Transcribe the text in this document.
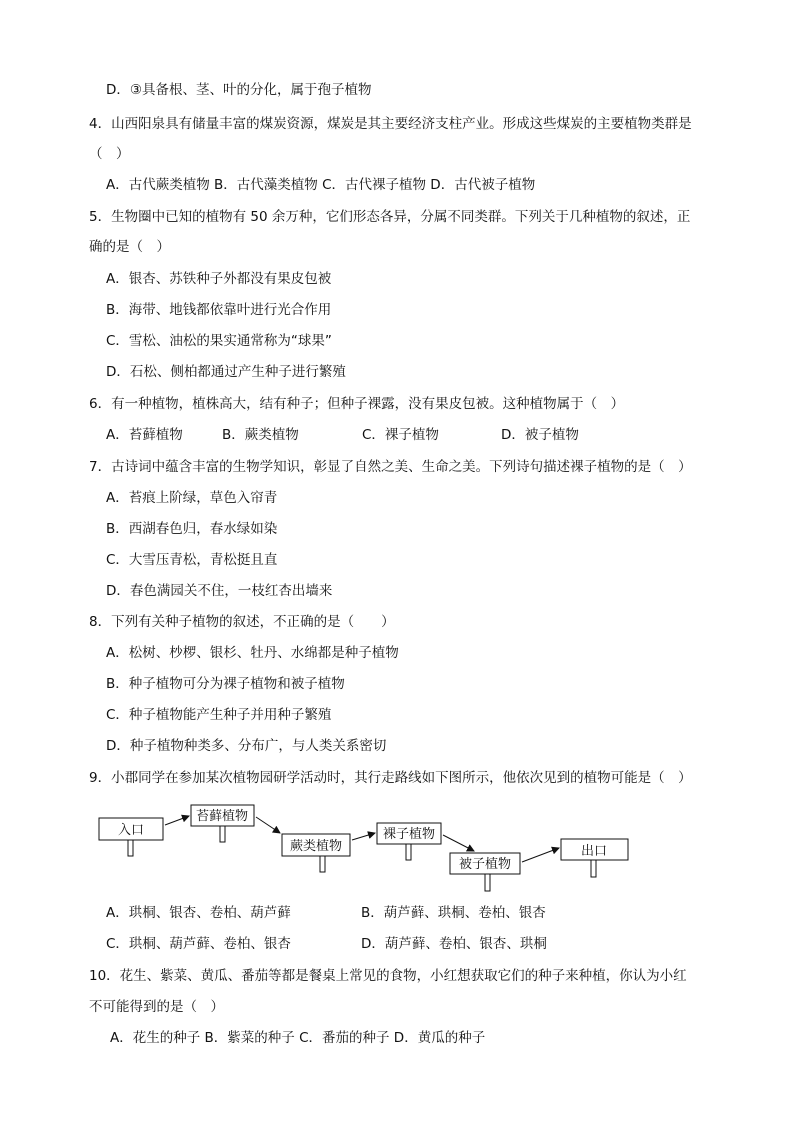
D．③具备根、茎、叶的分化，属于孢子植物
4．山西阳泉具有储量丰富的煤炭资源，煤炭是其主要经济支柱产业。形成这些煤炭的主要植物类群是
（　）
A．古代蕨类植物 B．古代藻类植物 C．古代裸子植物 D．古代被子植物
5．生物圈中已知的植物有 50 余万种，它们形态各异，分属不同类群。下列关于几种植物的叙述，正
确的是（　）
A．银杏、苏铁种子外都没有果皮包被
B．海带、地钱都依靠叶进行光合作用
C．雪松、油松的果实通常称为“球果”
D．石松、侧柏都通过产生种子进行繁殖
6．有一种植物，植株高大，结有种子；但种子裸露，没有果皮包被。这种植物属于（　）
A．苔藓植物	B．蕨类植物	C．裸子植物	D．被子植物
7．古诗词中蕴含丰富的生物学知识，彰显了自然之美、生命之美。下列诗句描述裸子植物的是（　）
A．苔痕上阶绿，草色入帘青
B．西湖春色归，春水绿如染
C．大雪压青松，青松挺且直
D．春色满园关不住，一枝红杏出墙来
8．下列有关种子植物的叙述，不正确的是（　　）
A．松树、杪椤、银杉、牡丹、水绵都是种子植物
B．种子植物可分为裸子植物和被子植物
C．种子植物能产生种子并用种子繁殖
D．种子植物种类多、分布广，与人类关系密切
9．小郡同学在参加某次植物园研学活动时，其行走路线如下图所示，他依次见到的植物可能是（　）
入口
苔藓植物
蕨类植物
裸子植物
被子植物
出口
A．珙桐、银杏、卷柏、葫芦藓	B．葫芦藓、珙桐、卷柏、银杏
C．珙桐、葫芦藓、卷柏、银杏	D．葫芦藓、卷柏、银杏、珙桐
10．花生、紫菜、黄瓜、番茄等都是餐桌上常见的食物，小红想获取它们的种子来种植，你认为小红
不可能得到的是（　）
A．花生的种子 B．紫菜的种子 C．番茄的种子 D．黄瓜的种子
